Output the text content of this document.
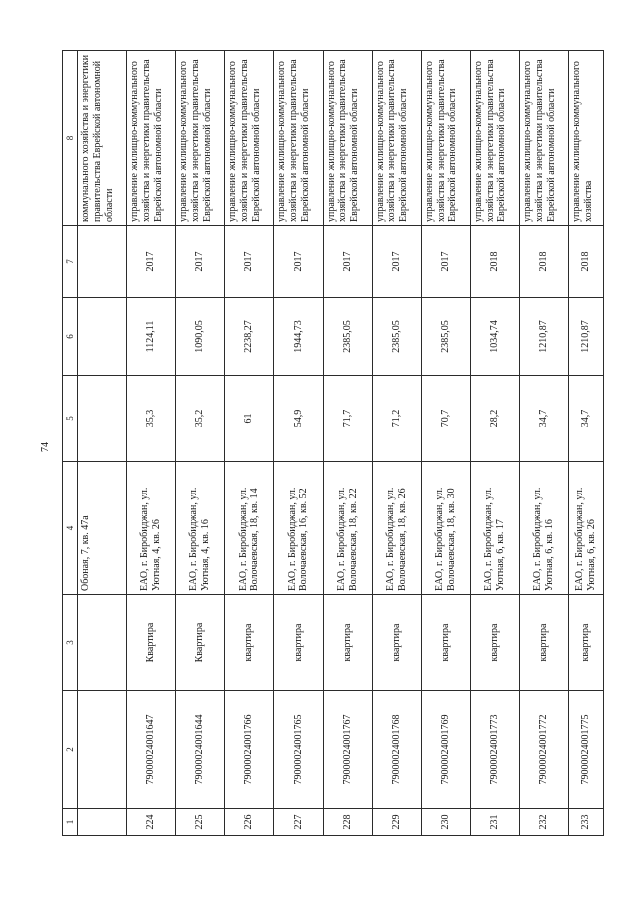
74
1	2	3	4	5	6	7	8
			Обоная, 7, кв. 47а				коммунального хозяйства и энергетики правительства Еврейской автономной области
224	79000024001647	Квартира	ЕАО, г. Биробиджан, ул. Уютная, 4, кв. 26	35,3	1124,11	2017	управление жилищно-коммунального хозяйства и энергетики правительства Еврейской автономной области
225	79000024001644	Квартира	ЕАО, г. Биробиджан, ул. Уютная, 4, кв. 16	35,2	1090,05	2017	управление жилищно-коммунального хозяйства и энергетики правительства Еврейской автономной области
226	79000024001766	квартира	ЕАО, г. Биробиджан, ул. Волочаевская, 18, кв. 14	61	2238,27	2017	управление жилищно-коммунального хозяйства и энергетики правительства Еврейской автономной области
227	79000024001765	квартира	ЕАО, г. Биробиджан, ул. Волочаевская, 16, кв. 52	54,9	1944,73	2017	управление жилищно-коммунального хозяйства и энергетики правительства Еврейской автономной области
228	79000024001767	квартира	ЕАО, г. Биробиджан, ул. Волочаевская, 18, кв. 22	71,7	2385,05	2017	управление жилищно-коммунального хозяйства и энергетики правительства Еврейской автономной области
229	79000024001768	квартира	ЕАО, г. Биробиджан, ул. Волочаевская, 18, кв. 26	71,2	2385,05	2017	управление жилищно-коммунального хозяйства и энергетики правительства Еврейской автономной области
230	79000024001769	квартира	ЕАО, г. Биробиджан, ул. Волочаевская, 18, кв. 30	70,7	2385,05	2017	управление жилищно-коммунального хозяйства и энергетики правительства Еврейской автономной области
231	79000024001773	квартира	ЕАО, г. Биробиджан, ул. Уютная, 6, кв. 17	28,2	1034,74	2018	управление жилищно-коммунального хозяйства и энергетики правительства Еврейской автономной области
232	79000024001772	квартира	ЕАО, г. Биробиджан, ул. Уютная, 6, кв. 16	34,7	1210,87	2018	управление жилищно-коммунального хозяйства и энергетики правительства Еврейской автономной области
233	79000024001775	квартира	ЕАО, г. Биробиджан, ул. Уютная, 6, кв. 26	34,7	1210,87	2018	управление жилищно-коммунального хозяйства
